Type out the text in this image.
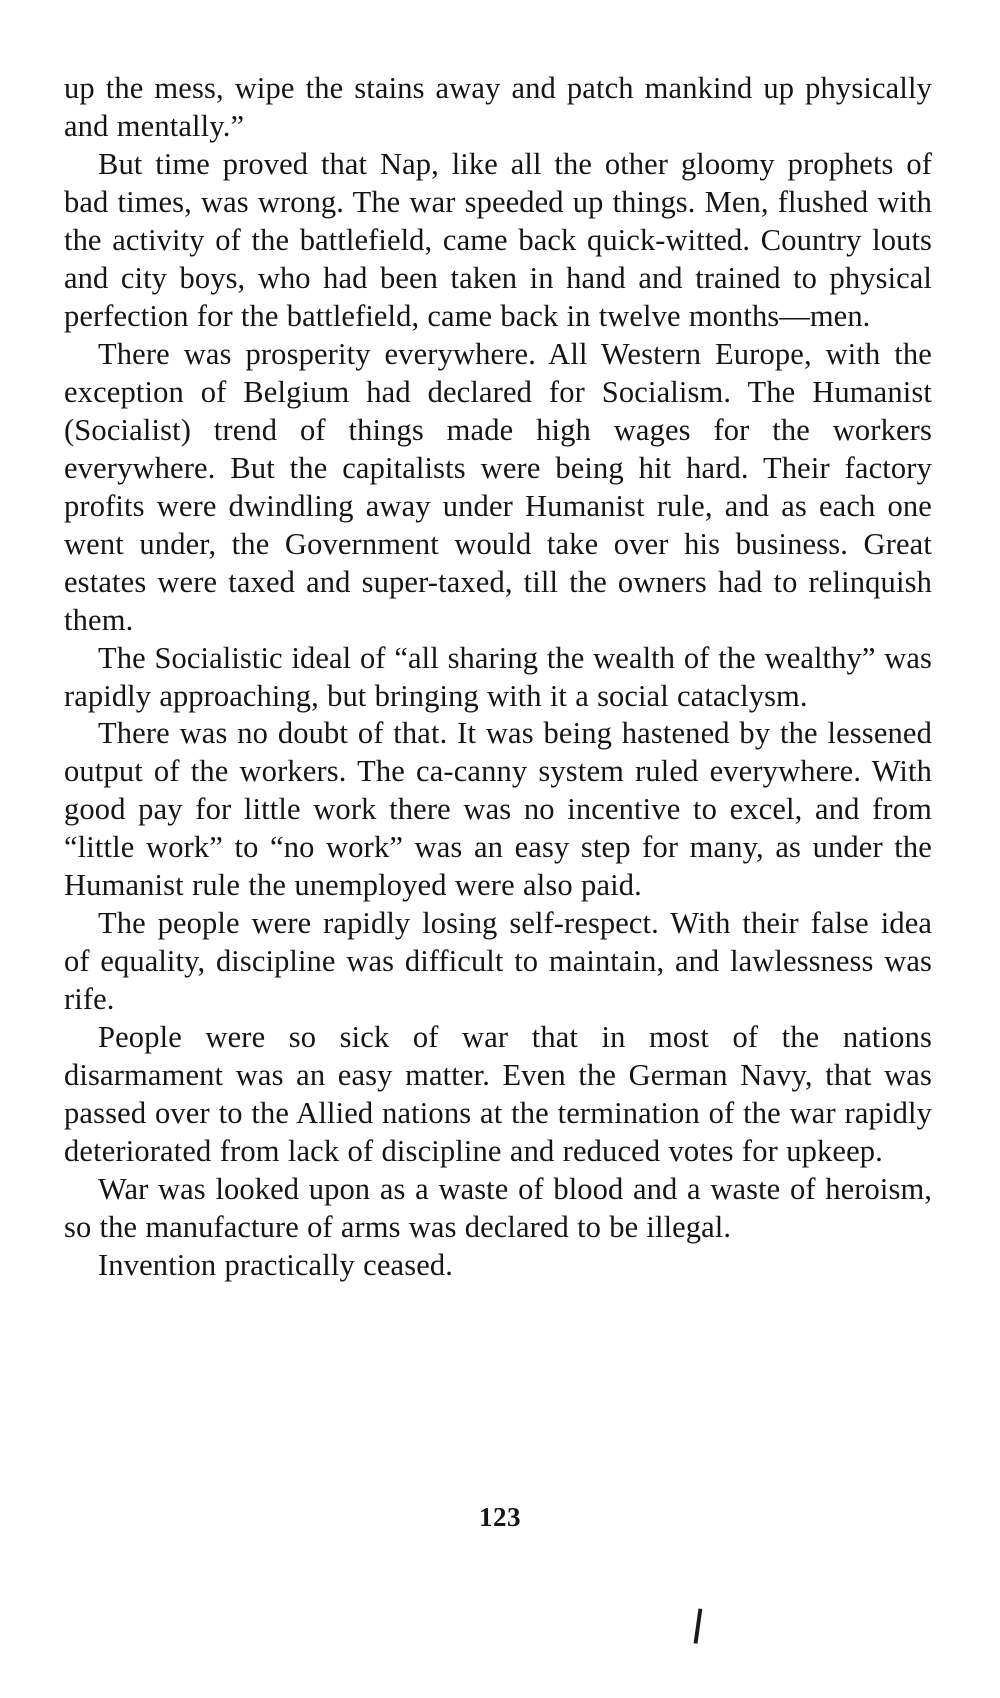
up the mess, wipe the stains away and patch mankind up physically and mentally.”

But time proved that Nap, like all the other gloomy prophets of bad times, was wrong. The war speeded up things. Men, flushed with the activity of the battlefield, came back quick-witted. Country louts and city boys, who had been taken in hand and trained to physical perfection for the battlefield, came back in twelve months—men.

There was prosperity everywhere. All Western Europe, with the exception of Belgium had declared for Socialism. The Humanist (Socialist) trend of things made high wages for the workers everywhere. But the capitalists were being hit hard. Their factory profits were dwindling away under Humanist rule, and as each one went under, the Government would take over his business. Great estates were taxed and super-taxed, till the owners had to relinquish them.

The Socialistic ideal of “all sharing the wealth of the wealthy” was rapidly approaching, but bringing with it a social cataclysm.

There was no doubt of that. It was being hastened by the lessened output of the workers. The ca-canny system ruled everywhere. With good pay for little work there was no incentive to excel, and from “little work” to “no work” was an easy step for many, as under the Humanist rule the unemployed were also paid.

The people were rapidly losing self-respect. With their false idea of equality, discipline was difficult to maintain, and lawlessness was rife.

People were so sick of war that in most of the nations disarmament was an easy matter. Even the German Navy, that was passed over to the Allied nations at the termination of the war rapidly deteriorated from lack of discipline and reduced votes for upkeep.

War was looked upon as a waste of blood and a waste of heroism, so the manufacture of arms was declared to be illegal.

Invention practically ceased.

123
❘
